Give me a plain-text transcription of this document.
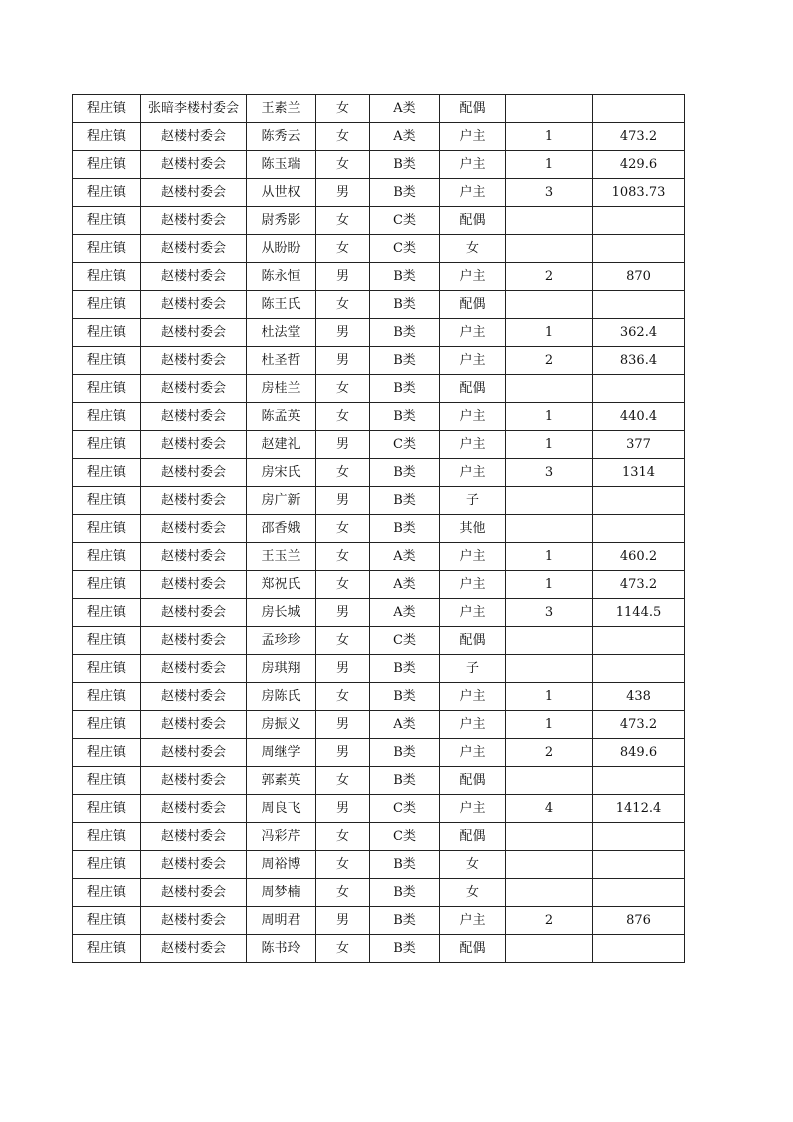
程庄镇	张暗李楼村委会	王素兰	女	A类	配偶		
程庄镇	赵楼村委会	陈秀云	女	A类	户主	1	473.2
程庄镇	赵楼村委会	陈玉瑞	女	B类	户主	1	429.6
程庄镇	赵楼村委会	从世权	男	B类	户主	3	1083.73
程庄镇	赵楼村委会	尉秀影	女	C类	配偶		
程庄镇	赵楼村委会	从盼盼	女	C类	女		
程庄镇	赵楼村委会	陈永恒	男	B类	户主	2	870
程庄镇	赵楼村委会	陈王氏	女	B类	配偶		
程庄镇	赵楼村委会	杜法堂	男	B类	户主	1	362.4
程庄镇	赵楼村委会	杜圣哲	男	B类	户主	2	836.4
程庄镇	赵楼村委会	房桂兰	女	B类	配偶		
程庄镇	赵楼村委会	陈孟英	女	B类	户主	1	440.4
程庄镇	赵楼村委会	赵建礼	男	C类	户主	1	377
程庄镇	赵楼村委会	房宋氏	女	B类	户主	3	1314
程庄镇	赵楼村委会	房广新	男	B类	子		
程庄镇	赵楼村委会	邵香娥	女	B类	其他		
程庄镇	赵楼村委会	王玉兰	女	A类	户主	1	460.2
程庄镇	赵楼村委会	郑祝氏	女	A类	户主	1	473.2
程庄镇	赵楼村委会	房长城	男	A类	户主	3	1144.5
程庄镇	赵楼村委会	孟珍珍	女	C类	配偶		
程庄镇	赵楼村委会	房琪翔	男	B类	子		
程庄镇	赵楼村委会	房陈氏	女	B类	户主	1	438
程庄镇	赵楼村委会	房振义	男	A类	户主	1	473.2
程庄镇	赵楼村委会	周继学	男	B类	户主	2	849.6
程庄镇	赵楼村委会	郭素英	女	B类	配偶		
程庄镇	赵楼村委会	周良飞	男	C类	户主	4	1412.4
程庄镇	赵楼村委会	冯彩芹	女	C类	配偶		
程庄镇	赵楼村委会	周裕博	女	B类	女		
程庄镇	赵楼村委会	周梦楠	女	B类	女		
程庄镇	赵楼村委会	周明君	男	B类	户主	2	876
程庄镇	赵楼村委会	陈书玲	女	B类	配偶		
